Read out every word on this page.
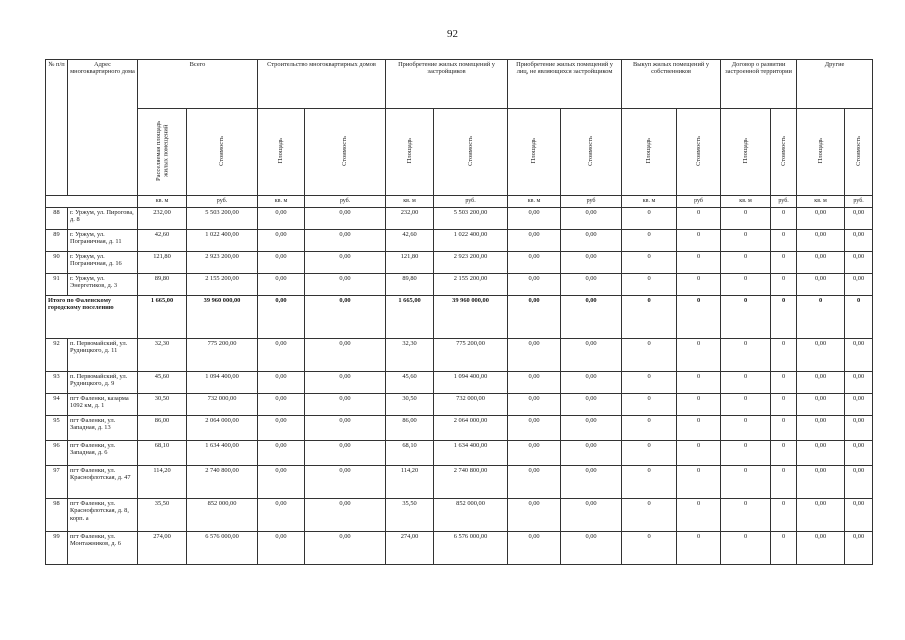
92
№ п/п	Адрес многоквартирного дома	Всего		Строительство многоквартирных домов		Приобретение жилых помещений у застройщиков		Приобретение жилых помещений у лиц, не являющихся застройщиком		Выкуп жилых помещений у собственников		Договор о развитии застроенной территории		Другие	
		Расселяемая площадь жилых помещений	Стоимость	Площадь	Стоимость	Площадь	Стоимость	Площадь	Стоимость	Площадь	Стоимость	Площадь	Стоимость	Площадь	Стоимость
		кв. м	руб.	кв. м	руб.	кв. м	руб.	кв. м	руб	кв. м	руб	кв. м	руб.	кв. м	руб.
88	г. Уржум, ул. Пирогова, д. 8	232,00	5 503 200,00	0,00	0,00	232,00	5 503 200,00	0,00	0,00	0	0	0	0	0,00	0,00
89	г. Уржум, ул. Пограничная, д. 11	42,60	1 022 400,00	0,00	0,00	42,60	1 022 400,00	0,00	0,00	0	0	0	0	0,00	0,00
90	г. Уржум, ул. Пограничная, д. 16	121,80	2 923 200,00	0,00	0,00	121,80	2 923 200,00	0,00	0,00	0	0	0	0	0,00	0,00
91	г. Уржум, ул. Энергетиков, д. 3	89,80	2 155 200,00	0,00	0,00	89,80	2 155 200,00	0,00	0,00	0	0	0	0	0,00	0,00
Итого по Фаленскому городскому поселению		1 665,00	39 960 000,00	0,00	0,00	1 665,00	39 960 000,00	0,00	0,00	0	0	0	0	0	0
92	п. Первомайский, ул. Рудницкого, д. 11	32,30	775 200,00	0,00	0,00	32,30	775 200,00	0,00	0,00	0	0	0	0	0,00	0,00
93	п. Первомайский, ул. Рудницкого, д. 9	45,60	1 094 400,00	0,00	0,00	45,60	1 094 400,00	0,00	0,00	0	0	0	0	0,00	0,00
94	пгт Фаленки, казарма 1092 км, д. 1	30,50	732 000,00	0,00	0,00	30,50	732 000,00	0,00	0,00	0	0	0	0	0,00	0,00
95	пгт Фаленки, ул. Западная, д. 13	86,00	2 064 000,00	0,00	0,00	86,00	2 064 000,00	0,00	0,00	0	0	0	0	0,00	0,00
96	пгт Фаленки, ул. Западная, д. 6	68,10	1 634 400,00	0,00	0,00	68,10	1 634 400,00	0,00	0,00	0	0	0	0	0,00	0,00
97	пгт Фаленки, ул. Краснофлотская, д. 47	114,20	2 740 800,00	0,00	0,00	114,20	2 740 800,00	0,00	0,00	0	0	0	0	0,00	0,00
98	пгт Фаленки, ул. Краснофлотская, д. 8, корп. а	35,50	852 000,00	0,00	0,00	35,50	852 000,00	0,00	0,00	0	0	0	0	0,00	0,00
99	пгт Фаленки, ул. Монтажников, д. 6	274,00	6 576 000,00	0,00	0,00	274,00	6 576 000,00	0,00	0,00	0	0	0	0	0,00	0,00
